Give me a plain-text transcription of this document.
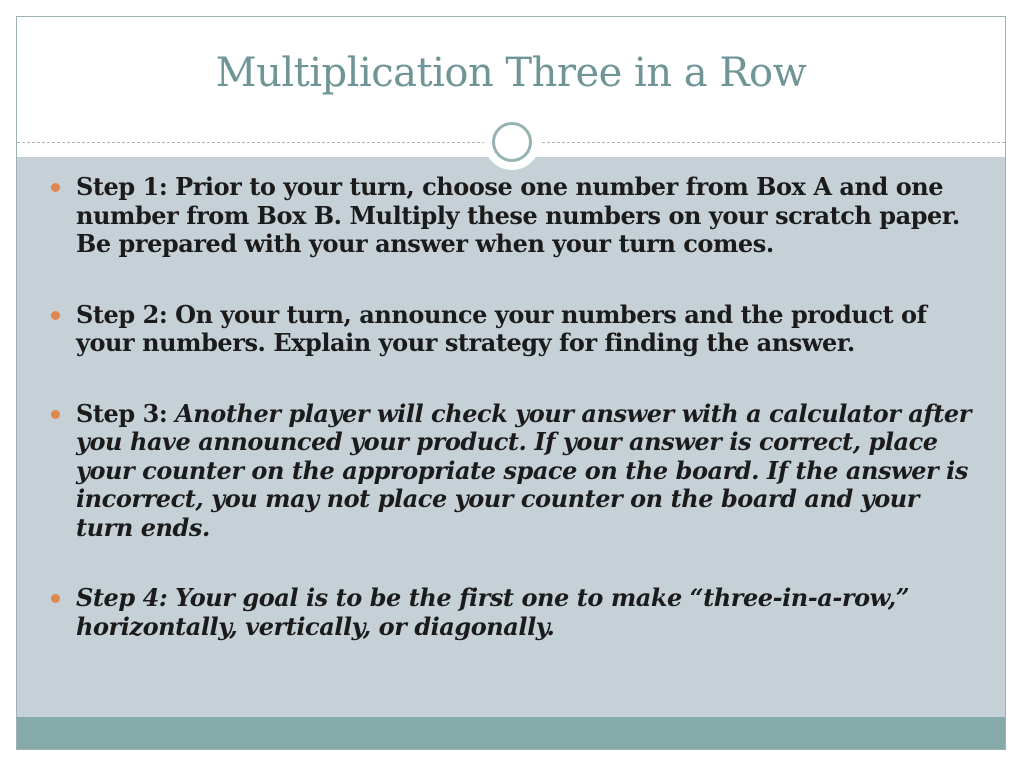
Multiplication Three in a Row
Step 1: Prior to your turn, choose one number from Box A and one number from Box B. Multiply these numbers on your scratch paper. Be prepared with your answer when your turn comes.
Step 2: On your turn, announce your numbers and the product of your numbers. Explain your strategy for finding the answer.
Step 3: Another player will check your answer with a calculator after you have announced your product. If your answer is correct, place your counter on the appropriate space on the board. If the answer is incorrect, you may not place your counter on the board and your turn ends.
Step 4: Your goal is to be the first one to make “three-in-a-row,” horizontally, vertically, or diagonally.
